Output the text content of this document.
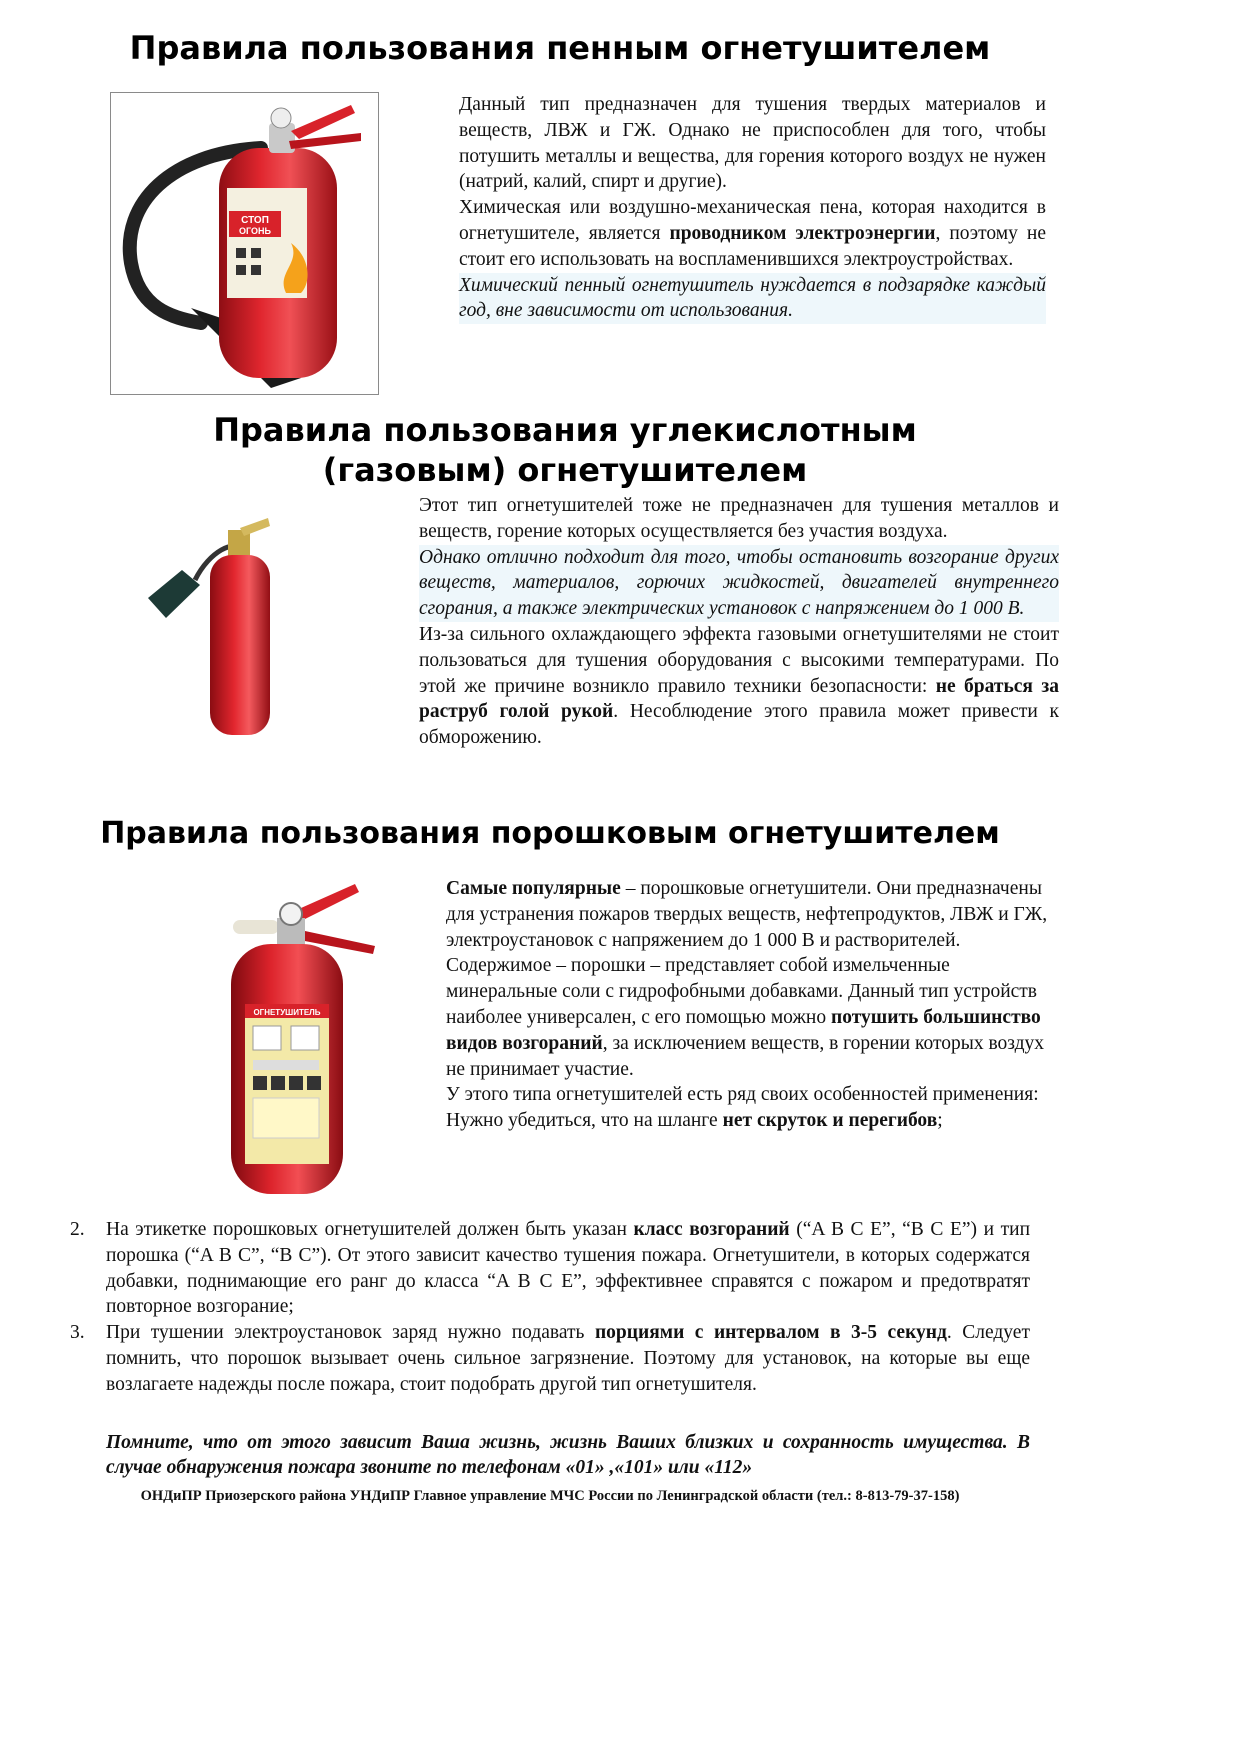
Правила пользования пенным огнетушителем
СТОП
ОГОНЬ

Данный тип предназначен для тушения твердых материалов и веществ, ЛВЖ и ГЖ. Однако не приспособлен для того, чтобы потушить металлы и вещества, для горения которого воздух не нужен (натрий, калий, спирт и другие).

Химическая или воздушно-механическая пена, которая находится в огнетушителе, является проводником электроэнергии, поэтому не стоит его использовать на воспламенившихся электроустройствах.

Химический пенный огнетушитель нуждается в подзарядке каждый год, вне зависимости от использования.

Правила пользования углекислотным
(газовым) огнетушителем

Этот тип огнетушителей тоже не предназначен для тушения металлов и веществ, горение которых осуществляется без участия воздуха.

Однако отлично подходит для того, чтобы остановить возгорание других веществ, материалов, горючих жидкостей, двигателей внутреннего сгорания, а также электрических установок с напряжением до 1 000 В.

Из-за сильного охлаждающего эффекта газовыми огнетушителями не стоит пользоваться для тушения оборудования с высокими температурами. По этой же причине возникло правило техники безопасности: не браться за раструб голой рукой. Несоблюдение этого правила может привести к обморожению.

Правила пользования порошковым огнетушителем
ОГНЕТУШИТЕЛЬ

Самые популярные – порошковые огнетушители. Они предназначены для устранения пожаров твердых веществ, нефтепродуктов, ЛВЖ и ГЖ, электроустановок с напряжением до 1 000 В и растворителей.

Содержимое – порошки – представляет собой измельченные минеральные соли с гидрофобными добавками. Данный тип устройств наиболее универсален, с его помощью можно потушить большинство видов возгораний, за исключением веществ, в горении которых воздух не принимает участие.

У этого типа огнетушителей есть ряд своих особенностей применения:

Нужно убедиться, что на шланге нет скруток и перегибов;

2. На этикетке порошковых огнетушителей должен быть указан класс возгораний (“A B C E”, “B C E”) и тип порошка (“A B C”, “B C”). От этого зависит качество тушения пожара. Огнетушители, в которых содержатся добавки, поднимающие его ранг до класса “A B C E”, эффективнее справятся с пожаром и предотвратят повторное возгорание;
3. При тушении электроустановок заряд нужно подавать порциями с интервалом в 3-5 секунд. Следует помнить, что порошок вызывает очень сильное загрязнение. Поэтому для установок, на которые вы еще возлагаете надежды после пожара, стоит подобрать другой тип огнетушителя.

Помните, что от этого зависит Ваша жизнь, жизнь Ваших близких и сохранность имущества. В случае обнаружения пожара звоните по телефонам «01» ,«101» или «112»

ОНДиПР Приозерского района УНДиПР Главное управление МЧС России по Ленинградской области (тел.: 8-813-79-37-158)
